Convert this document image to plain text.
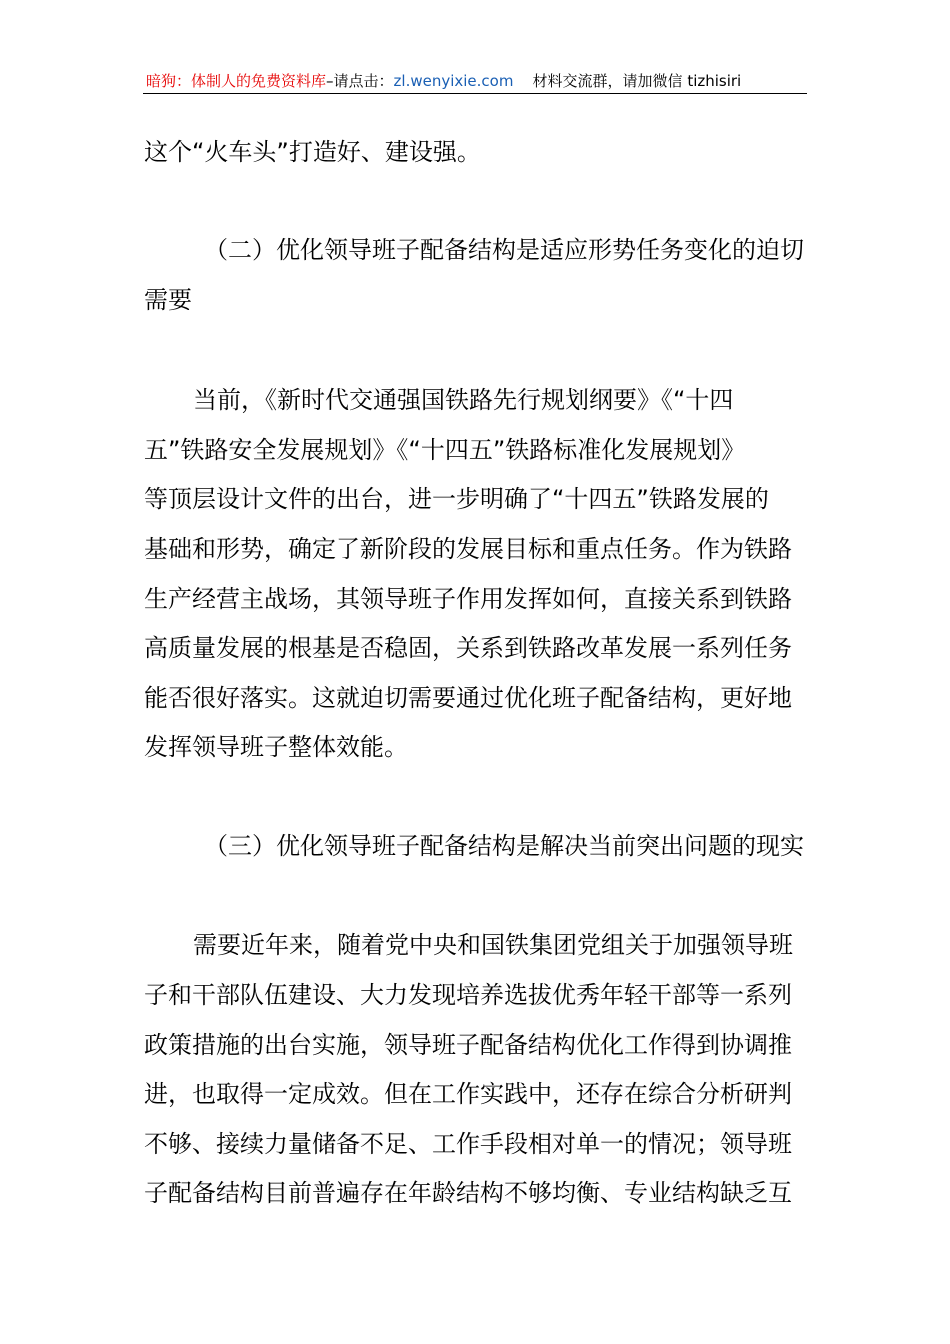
暗狗：体制人的免费资料库–请点击：zl.wenyixie.com 材料交流群，请加微信 tizhisiri
这个“火车头”打造好、建设强。
（二）优化领导班子配备结构是适应形势任务变化的迫切
需要
当前，《新时代交通强国铁路先行规划纲要》《“十四
五”铁路安全发展规划》《“十四五”铁路标准化发展规划》
等顶层设计文件的出台，进一步明确了“十四五”铁路发展的
基础和形势，确定了新阶段的发展目标和重点任务。作为铁路
生产经营主战场，其领导班子作用发挥如何，直接关系到铁路
高质量发展的根基是否稳固，关系到铁路改革发展一系列任务
能否很好落实。这就迫切需要通过优化班子配备结构，更好地
发挥领导班子整体效能。
（三）优化领导班子配备结构是解决当前突出问题的现实
需要近年来，随着党中央和国铁集团党组关于加强领导班
子和干部队伍建设、大力发现培养选拔优秀年轻干部等一系列
政策措施的出台实施，领导班子配备结构优化工作得到协调推
进，也取得一定成效。但在工作实践中，还存在综合分析研判
不够、接续力量储备不足、工作手段相对单一的情况；领导班
子配备结构目前普遍存在年龄结构不够均衡、专业结构缺乏互
